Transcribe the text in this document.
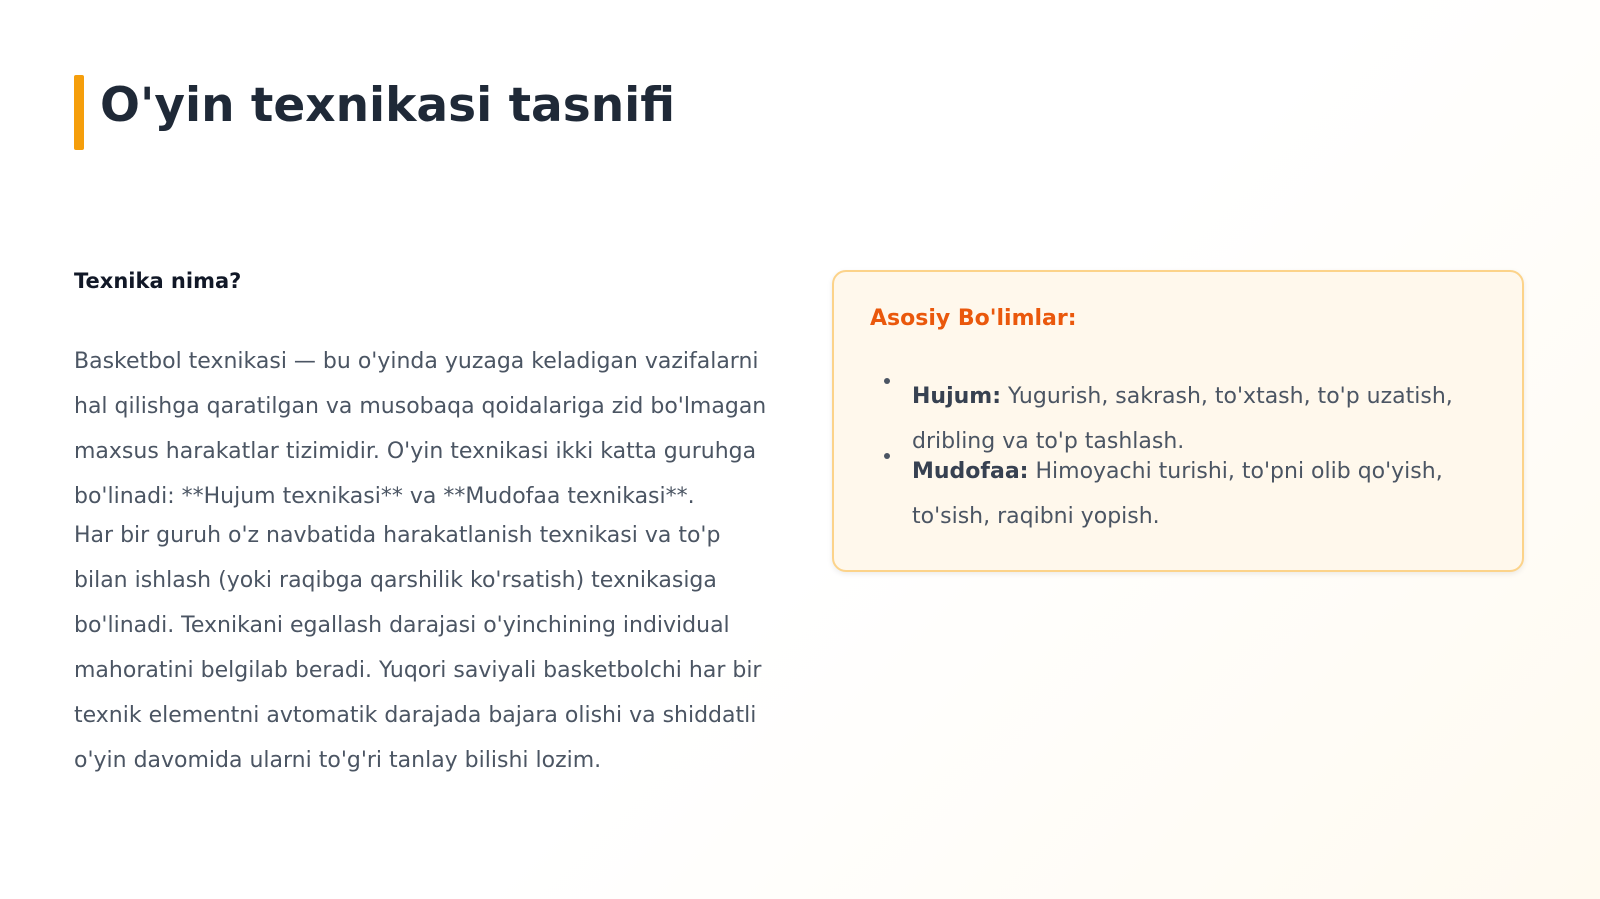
O'yin texnikasi tasnifi
Texnika nima?

Basketbol texnikasi — bu o'yinda yuzaga keladigan vazifalarni hal qilishga qaratilgan va musobaqa qoidalariga zid bo'lmagan maxsus harakatlar tizimidir. O'yin texnikasi ikki katta guruhga bo'linadi: **Hujum texnikasi** va **Mudofaa texnikasi**.

Har bir guruh o'z navbatida harakatlanish texnikasi va to'p bilan ishlash (yoki raqibga qarshilik ko'rsatish) texnikasiga bo'linadi. Texnikani egallash darajasi o'yinchining individual mahoratini belgilab beradi. Yuqori saviyali basketbolchi har bir texnik elementni avtomatik darajada bajara olishi va shiddatli o'yin davomida ularni to'g'ri tanlay bilishi lozim.

Asosiy Bo'limlar:
Hujum: Yugurish, sakrash, to'xtash, to'p uzatish, dribling va to'p tashlash.
Mudofaa: Himoyachi turishi, to'pni olib qo'yish, to'sish, raqibni yopish.
